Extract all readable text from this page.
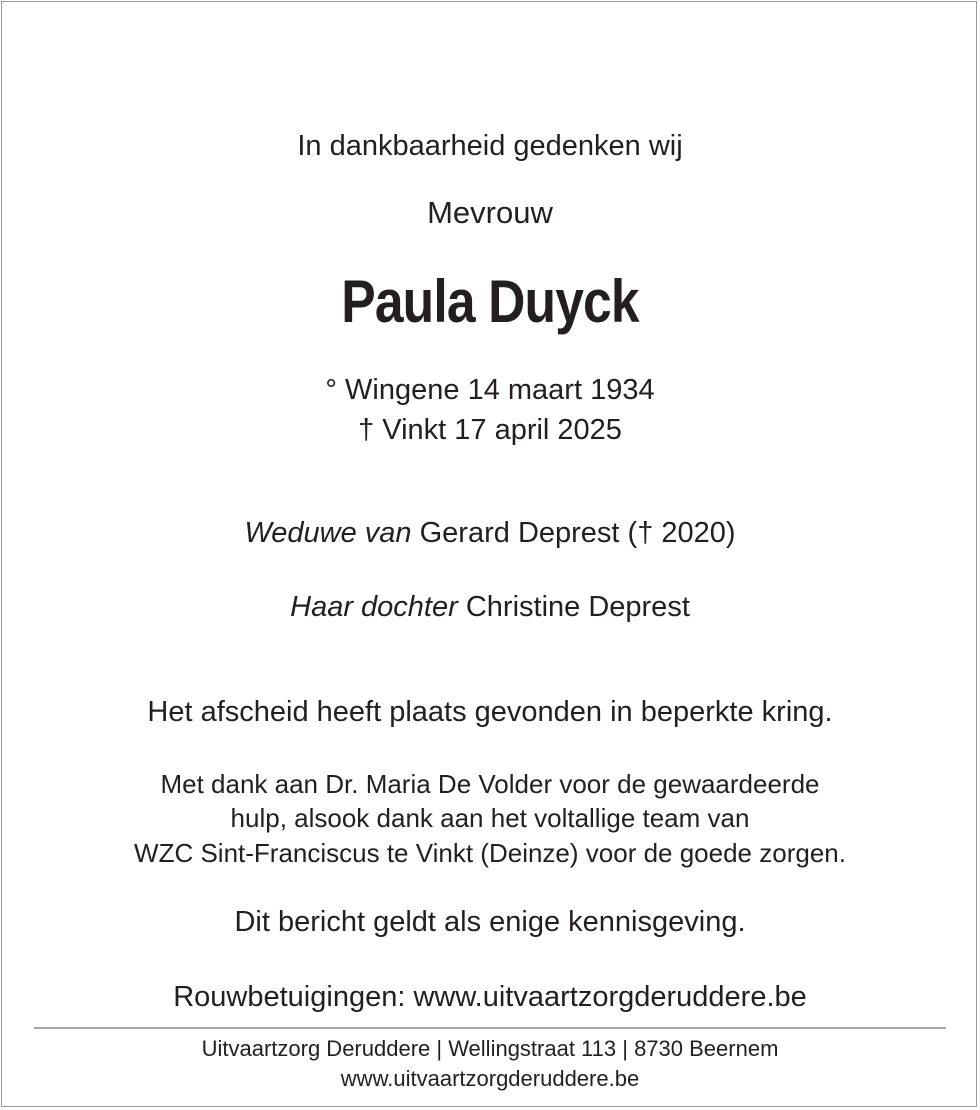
In dankbaarheid gedenken wij
Mevrouw
Paula Duyck
° Wingene 14 maart 1934
† Vinkt 17 april 2025
Weduwe van Gerard Deprest († 2020)
Haar dochter Christine Deprest
Het afscheid heeft plaats gevonden in beperkte kring.
Met dank aan Dr. Maria De Volder voor de gewaardeerde
hulp, alsook dank aan het voltallige team van
WZC Sint-Franciscus te Vinkt (Deinze) voor de goede zorgen.
Dit bericht geldt als enige kennisgeving.
Rouwbetuigingen: www.uitvaartzorgderuddere.be
Uitvaartzorg Deruddere | Wellingstraat 113 | 8730 Beernem
www.uitvaartzorgderuddere.be
